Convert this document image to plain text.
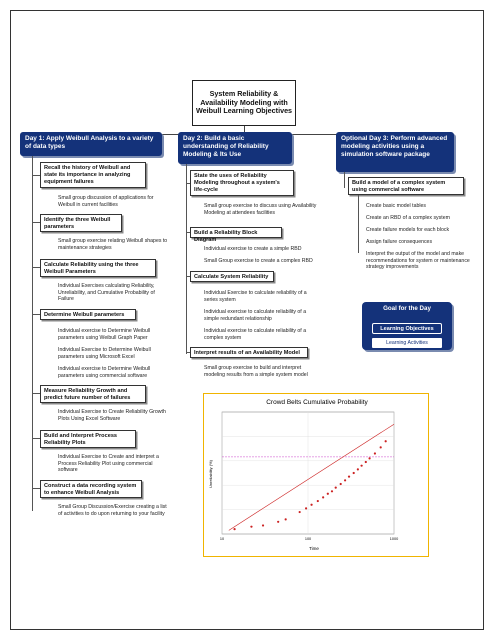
System Reliability & Availability Modeling with Weibull Learning Objectives
Day 1: Apply Weibull Analysis to a variety of data types
Day 2: Build a basic understanding of Reliability Modeling & Its Use
Optional Day 3: Perform advanced modeling activities using a simulation software package
Recall the history of Weibull and state its importance in analyzing equipment failures
Small group discussion of applications for Weibull in current facilities
Identify the three Weibull parameters
Small group exercise relating Weibull shapes to maintenance strategies
Calculate Reliability using the three Weibull Parameters
Individual Exercises calculating Reliability, Unreliability, and Cumulative Probability of Failure
Determine Weibull parameters
Individual exercise to Determine Weibull parameters using Weibull Graph Paper
Individual Exercise to Determine Weibull parameters using Microsoft Excel
Individual exercise to Determine Weibull parameters using commercial software
Measure Reliability Growth and predict future number of failures
Individual Exercise to Create Reliability Growth Plots Using Excel Software
Build and Interpret Process Reliability Plots
Individual Exercise to Create and interpret a Process Reliability Plot using commercial software
Construct a data recording system to enhance Weibull Analysis
Small Group Discussion/Exercise creating a list of activities to do upon returning to your facility
State the uses of Reliability Modeling throughout a system's life-cycle
Small group exercise to discuss using Availability Modeling at attendees facilities
Build a Reliability Block Diagram
Individual exercise to create a simple RBD
Small Group exercise to create a complex RBD
Calculate System Reliability
Individual Exercise to calculate reliability of a series system
Individual exercise to calculate reliability of a simple redundant relationship
Individual exercise to calculate reliability of a complex system
Interpret results of an Availability Model
Small group exercise to build and interpret modeling results from a simple system model
Build a model of a complex system using commercial software
Create basic model tables
Create an RBD of a complex system
Create failure models for each block
Assign failure consequences
Interpret the output of the model and make recommendations for system or maintenance strategy improvements
Goal for the Day
Learning Objectives
Learning Activities
Crowd Belts Cumulative Probability
Time
Unreliability (%)
10	100	1000
